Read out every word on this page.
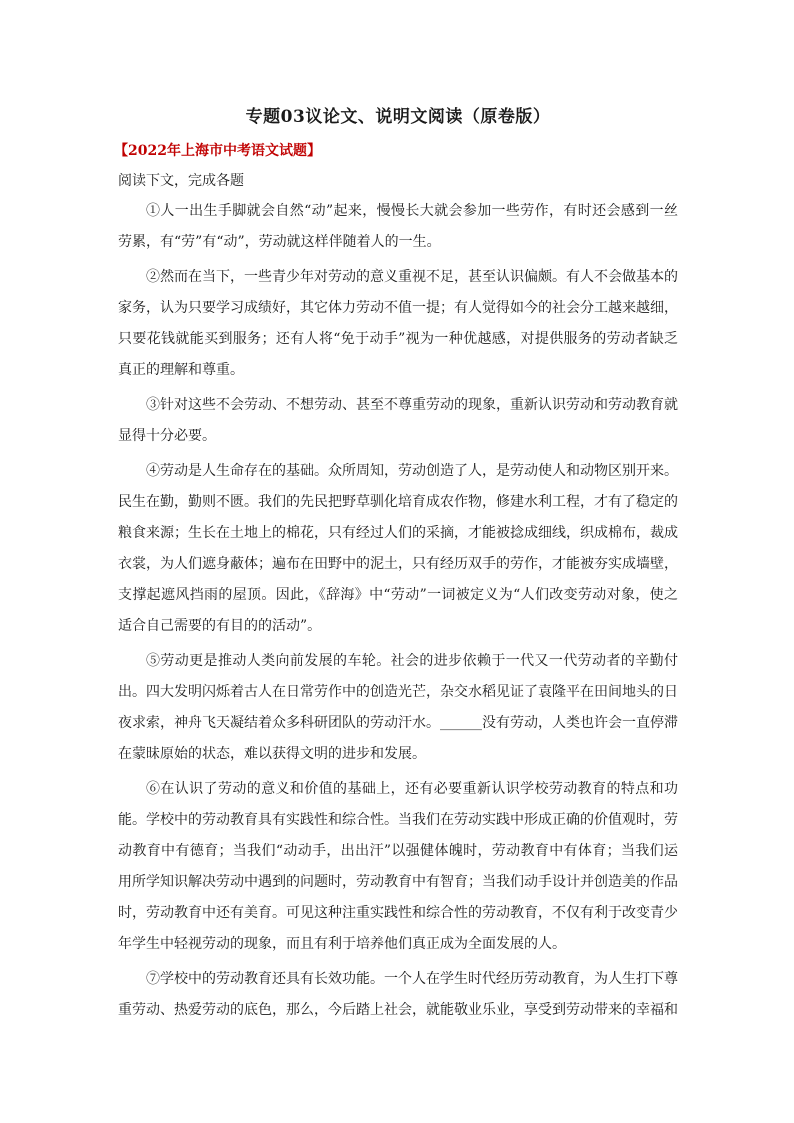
专题03议论文、说明文阅读（原卷版）
【2022年上海市中考语文试题】
阅读下文，完成各题

①人一出生手脚就会自然“动”起来，慢慢长大就会参加一些劳作，有时还会感到一丝劳累，有“劳”有“动”，劳动就这样伴随着人的一生。

②然而在当下，一些青少年对劳动的意义重视不足，甚至认识偏颇。有人不会做基本的家务，认为只要学习成绩好，其它体力劳动不值一提；有人觉得如今的社会分工越来越细，只要花钱就能买到服务；还有人将“免于动手”视为一种优越感，对提供服务的劳动者缺乏真正的理解和尊重。

③针对这些不会劳动、不想劳动、甚至不尊重劳动的现象，重新认识劳动和劳动教育就显得十分必要。

④劳动是人生命存在的基础。众所周知，劳动创造了人，是劳动使人和动物区别开来。民生在勤，勤则不匮。我们的先民把野草驯化培育成农作物，修建水利工程，才有了稳定的粮食来源；生长在土地上的棉花，只有经过人们的采摘，才能被捻成细线，织成棉布，裁成衣裳，为人们遮身蔽体；遍布在田野中的泥土，只有经历双手的劳作，才能被夯实成墙壁，支撑起遮风挡雨的屋顶。因此，《辞海》中“劳动”一词被定义为“人们改变劳动对象，使之适合自己需要的有目的的活动”。

⑤劳动更是推动人类向前发展的车轮。社会的进步依赖于一代又一代劳动者的辛勤付出。四大发明闪烁着古人在日常劳作中的创造光芒，杂交水稻见证了袁隆平在田间地头的日夜求索，神舟飞天凝结着众多科研团队的劳动汗水。______没有劳动，人类也许会一直停滞在蒙昧原始的状态，难以获得文明的进步和发展。

⑥在认识了劳动的意义和价值的基础上，还有必要重新认识学校劳动教育的特点和功能。学校中的劳动教育具有实践性和综合性。当我们在劳动实践中形成正确的价值观时，劳动教育中有德育；当我们“动动手，出出汗”以强健体魄时，劳动教育中有体育；当我们运用所学知识解决劳动中遇到的问题时，劳动教育中有智育；当我们动手设计并创造美的作品时，劳动教育中还有美育。可见这种注重实践性和综合性的劳动教育，不仅有利于改变青少年学生中轻视劳动的现象，而且有利于培养他们真正成为全面发展的人。

⑦学校中的劳动教育还具有长效功能。一个人在学生时代经历劳动教育，为人生打下尊重劳动、热爱劳动的底色，那么，今后踏上社会，就能敬业乐业，享受到劳动带来的幸福和
